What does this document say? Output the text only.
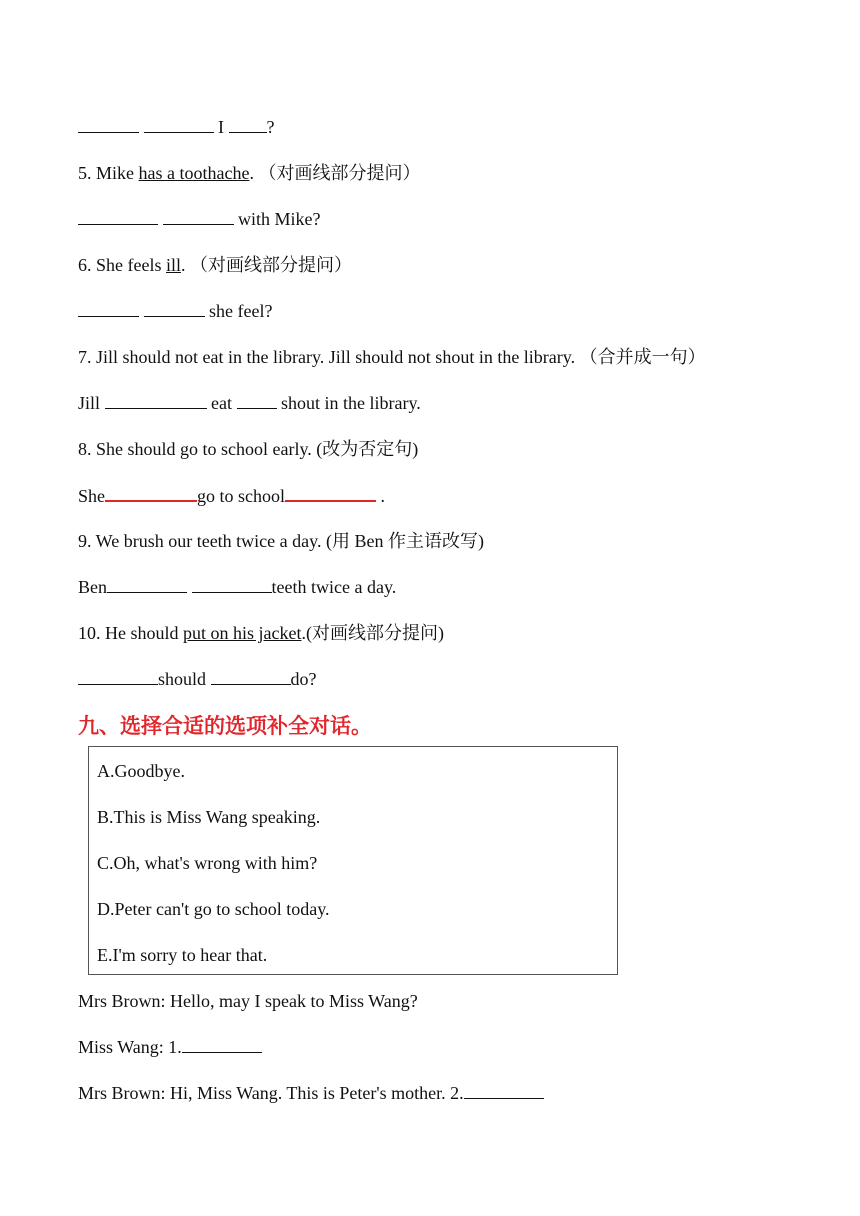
I ?
5. Mike has a toothache. （对画线部分提问）
with Mike?
6. She feels ill. （对画线部分提问）
she feel?
7. Jill should not eat in the library. Jill should not shout in the library. （合并成一句）
Jill	eat  shout in the library.
8. She should go to school early. (改为否定句)
She	go to school	.
9. We brush our teeth twice a day. (用 Ben 作主语改写)
Ben	teeth twice a day.
10. He should put on his jacket.(对画线部分提问)
should	do?
九、选择合适的选项补全对话。
A.Goodbye.
B.This is Miss Wang speaking.
C.Oh, what's wrong with him?
D.Peter can't go to school today.
E.I'm sorry to hear that.
Mrs Brown: Hello, may I speak to Miss Wang?
Miss Wang: 1.
Mrs Brown: Hi, Miss Wang. This is Peter's mother. 2.
